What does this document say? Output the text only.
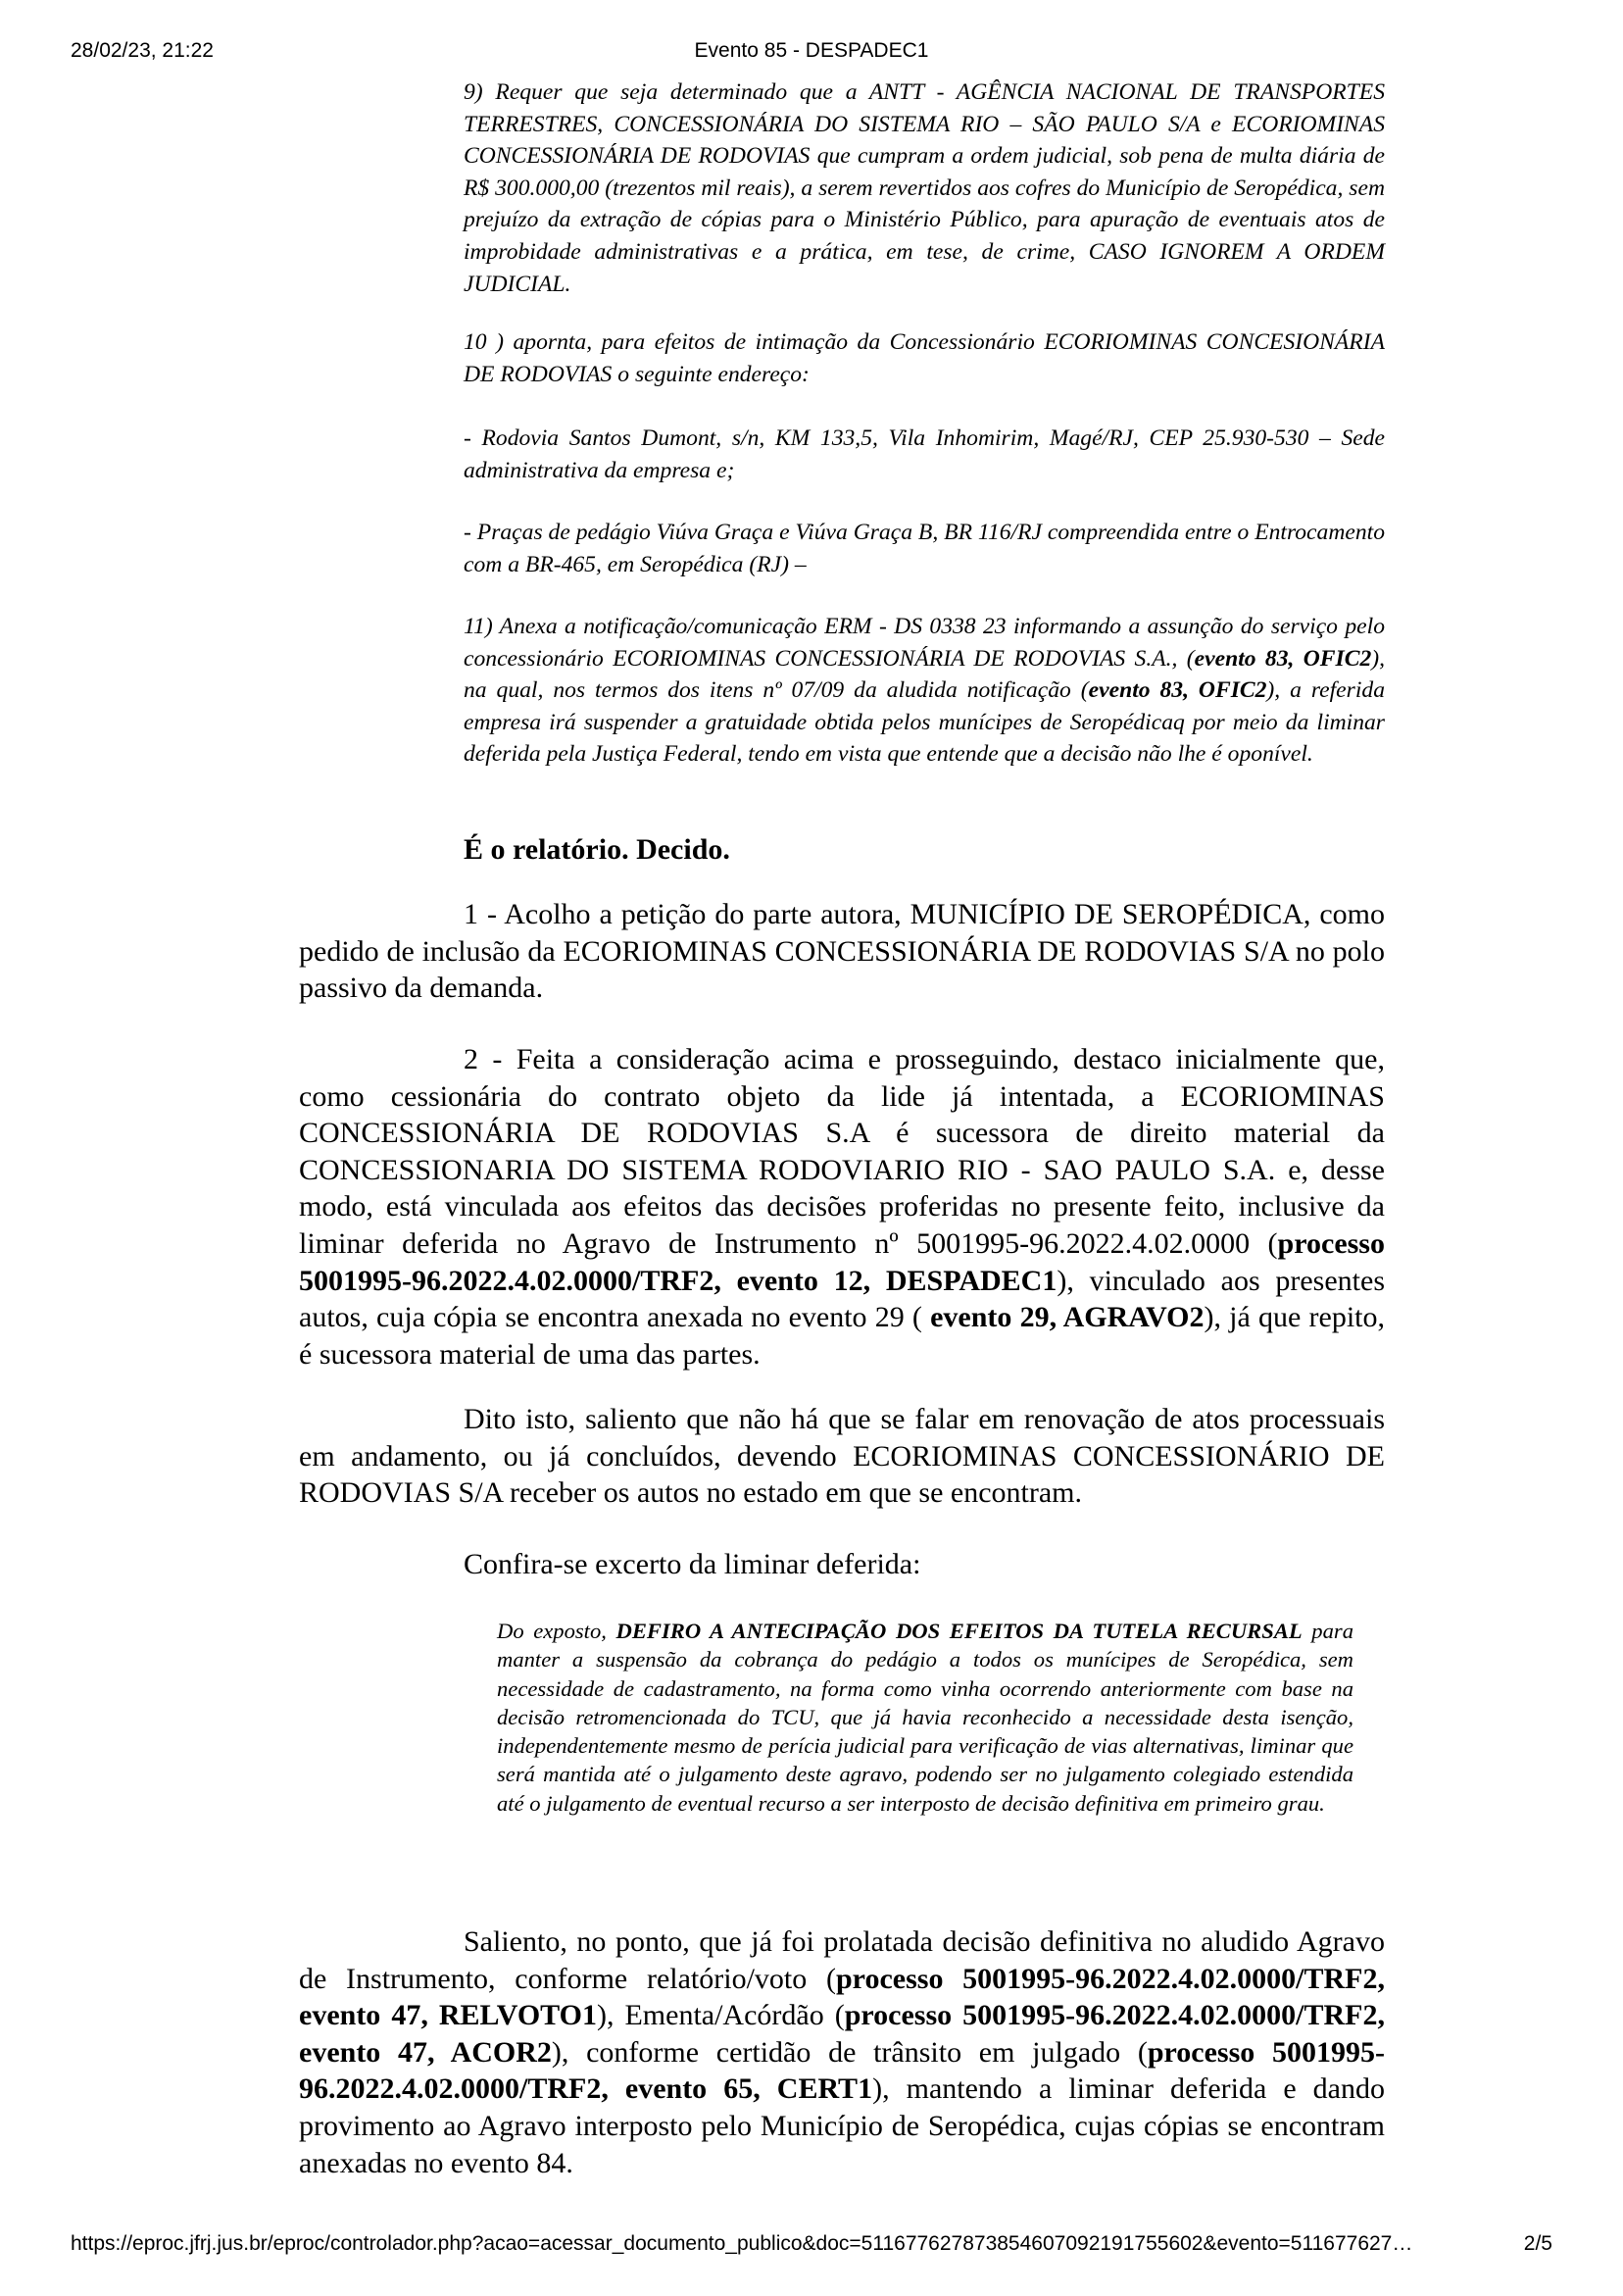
28/02/23, 21:22	Evento 85 - DESPADEC1

9) Requer que seja determinado que a ANTT - AGÊNCIA NACIONAL DE TRANSPORTES TERRESTRES, CONCESSIONÁRIA DO SISTEMA RIO – SÃO PAULO S/A e ECORIOMINAS CONCESSIONÁRIA DE RODOVIAS que cumpram a ordem judicial, sob pena de multa diária de R$ 300.000,00 (trezentos mil reais), a serem revertidos aos cofres do Município de Seropédica, sem prejuízo da extração de cópias para o Ministério Público, para apuração de eventuais atos de improbidade administrativas e a prática, em tese, de crime, CASO IGNOREM A ORDEM JUDICIAL.

10 ) apornta, para efeitos de intimação da Concessionário ECORIOMINAS CONCESIONÁRIA DE RODOVIAS o seguinte endereço:

- Rodovia Santos Dumont, s/n, KM 133,5, Vila Inhomirim, Magé/RJ, CEP 25.930-530 – Sede administrativa da empresa e;

- Praças de pedágio Viúva Graça e Viúva Graça B, BR 116/RJ compreendida entre o Entrocamento com a BR-465, em Seropédica (RJ) –

11) Anexa a notificação/comunicação ERM - DS 0338 23 informando a assunção do serviço pelo concessionário ECORIOMINAS CONCESSIONÁRIA DE RODOVIAS S.A., (evento 83, OFIC2), na qual, nos termos dos itens nº 07/09 da aludida notificação (evento 83, OFIC2), a referida empresa irá suspender a gratuidade obtida pelos munícipes de Seropédicaq por meio da liminar deferida pela Justiça Federal, tendo em vista que entende que a decisão não lhe é oponível.

É o relatório. Decido.

1 - Acolho a petição do parte autora, MUNICÍPIO DE SEROPÉDICA, como pedido de inclusão da ECORIOMINAS CONCESSIONÁRIA DE RODOVIAS S/A no polo passivo da demanda.

2 - Feita a consideração acima e prosseguindo, destaco inicialmente que, como cessionária do contrato objeto da lide já intentada, a ECORIOMINAS CONCESSIONÁRIA DE RODOVIAS S.A é sucessora de direito material da CONCESSIONARIA DO SISTEMA RODOVIARIO RIO - SAO PAULO S.A. e, desse modo, está vinculada aos efeitos das decisões proferidas no presente feito, inclusive da liminar deferida no Agravo de Instrumento nº 5001995-96.2022.4.02.0000 (processo 5001995-96.2022.4.02.0000/TRF2, evento 12, DESPADEC1), vinculado aos presentes autos, cuja cópia se encontra anexada no evento 29 ( evento 29, AGRAVO2), já que repito, é sucessora material de uma das partes.

Dito isto, saliento que não há que se falar em renovação de atos processuais em andamento, ou já concluídos, devendo ECORIOMINAS CONCESSIONÁRIO DE RODOVIAS S/A receber os autos no estado em que se encontram.

Confira-se excerto da liminar deferida:

Do exposto, DEFIRO A ANTECIPAÇÃO DOS EFEITOS DA TUTELA RECURSAL para manter a suspensão da cobrança do pedágio a todos os munícipes de Seropédica, sem necessidade de cadastramento, na forma como vinha ocorrendo anteriormente com base na decisão retromencionada do TCU, que já havia reconhecido a necessidade desta isenção, independentemente mesmo de perícia judicial para verificação de vias alternativas, liminar que será mantida até o julgamento deste agravo, podendo ser no julgamento colegiado estendida até o julgamento de eventual recurso a ser interposto de decisão definitiva em primeiro grau.

Saliento, no ponto, que já foi prolatada decisão definitiva no aludido Agravo de Instrumento, conforme relatório/voto (processo 5001995-96.2022.4.02.0000/TRF2, evento 47, RELVOTO1), Ementa/Acórdão (processo 5001995-96.2022.4.02.0000/TRF2, evento 47, ACOR2), conforme certidão de trânsito em julgado (processo 5001995-96.2022.4.02.0000/TRF2, evento 65, CERT1), mantendo a liminar deferida e dando provimento ao Agravo interposto pelo Município de Seropédica, cujas cópias se encontram anexadas no evento 84.

https://eproc.jfrj.jus.br/eproc/controlador.php?acao=acessar_documento_publico&doc=511677627873854607092191755602&evento=511677627…	2/5
